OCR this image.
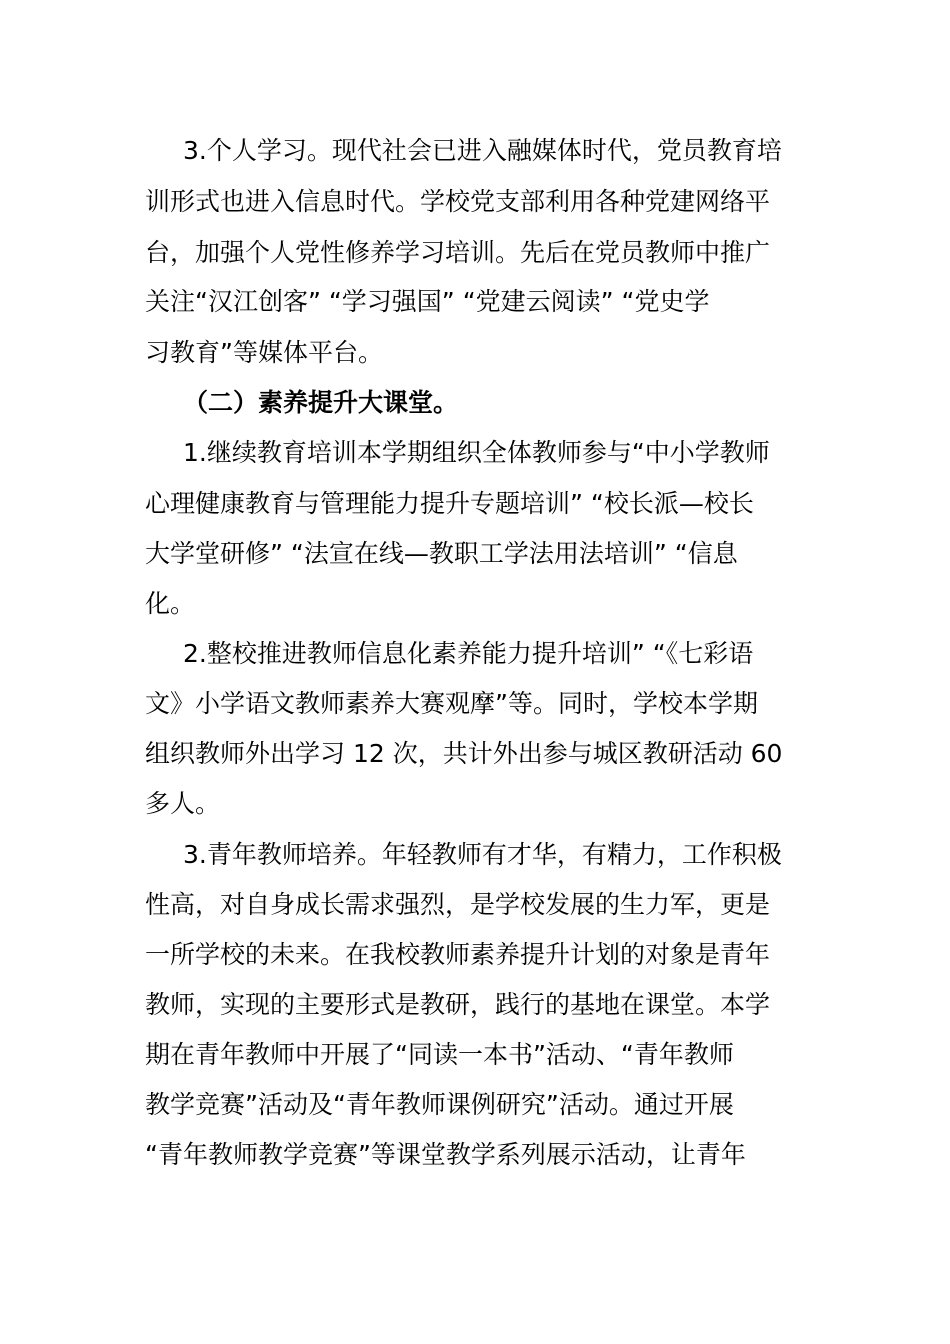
3.个人学习。现代社会已进入融媒体时代，党员教育培
训形式也进入信息时代。学校党支部利用各种党建网络平
台，加强个人党性修养学习培训。先后在党员教师中推广
关注“汉江创客” “学习强国” “党建云阅读” “党史学
习教育”等媒体平台。
（二）素养提升大课堂。
1.继续教育培训本学期组织全体教师参与“中小学教师
心理健康教育与管理能力提升专题培训” “校长派—校长
大学堂研修” “法宣在线—教职工学法用法培训” “信息
化。
2.整校推进教师信息化素养能力提升培训” “《七彩语
文》小学语文教师素养大赛观摩”等。同时，学校本学期
组织教师外出学习 12 次，共计外出参与城区教研活动 60
多人。
3.青年教师培养。年轻教师有才华，有精力，工作积极
性高，对自身成长需求强烈，是学校发展的生力军，更是
一所学校的未来。在我校教师素养提升计划的对象是青年
教师，实现的主要形式是教研，践行的基地在课堂。本学
期在青年教师中开展了“同读一本书”活动、“青年教师
教学竞赛”活动及“青年教师课例研究”活动。通过开展
“青年教师教学竞赛”等课堂教学系列展示活动，让青年
